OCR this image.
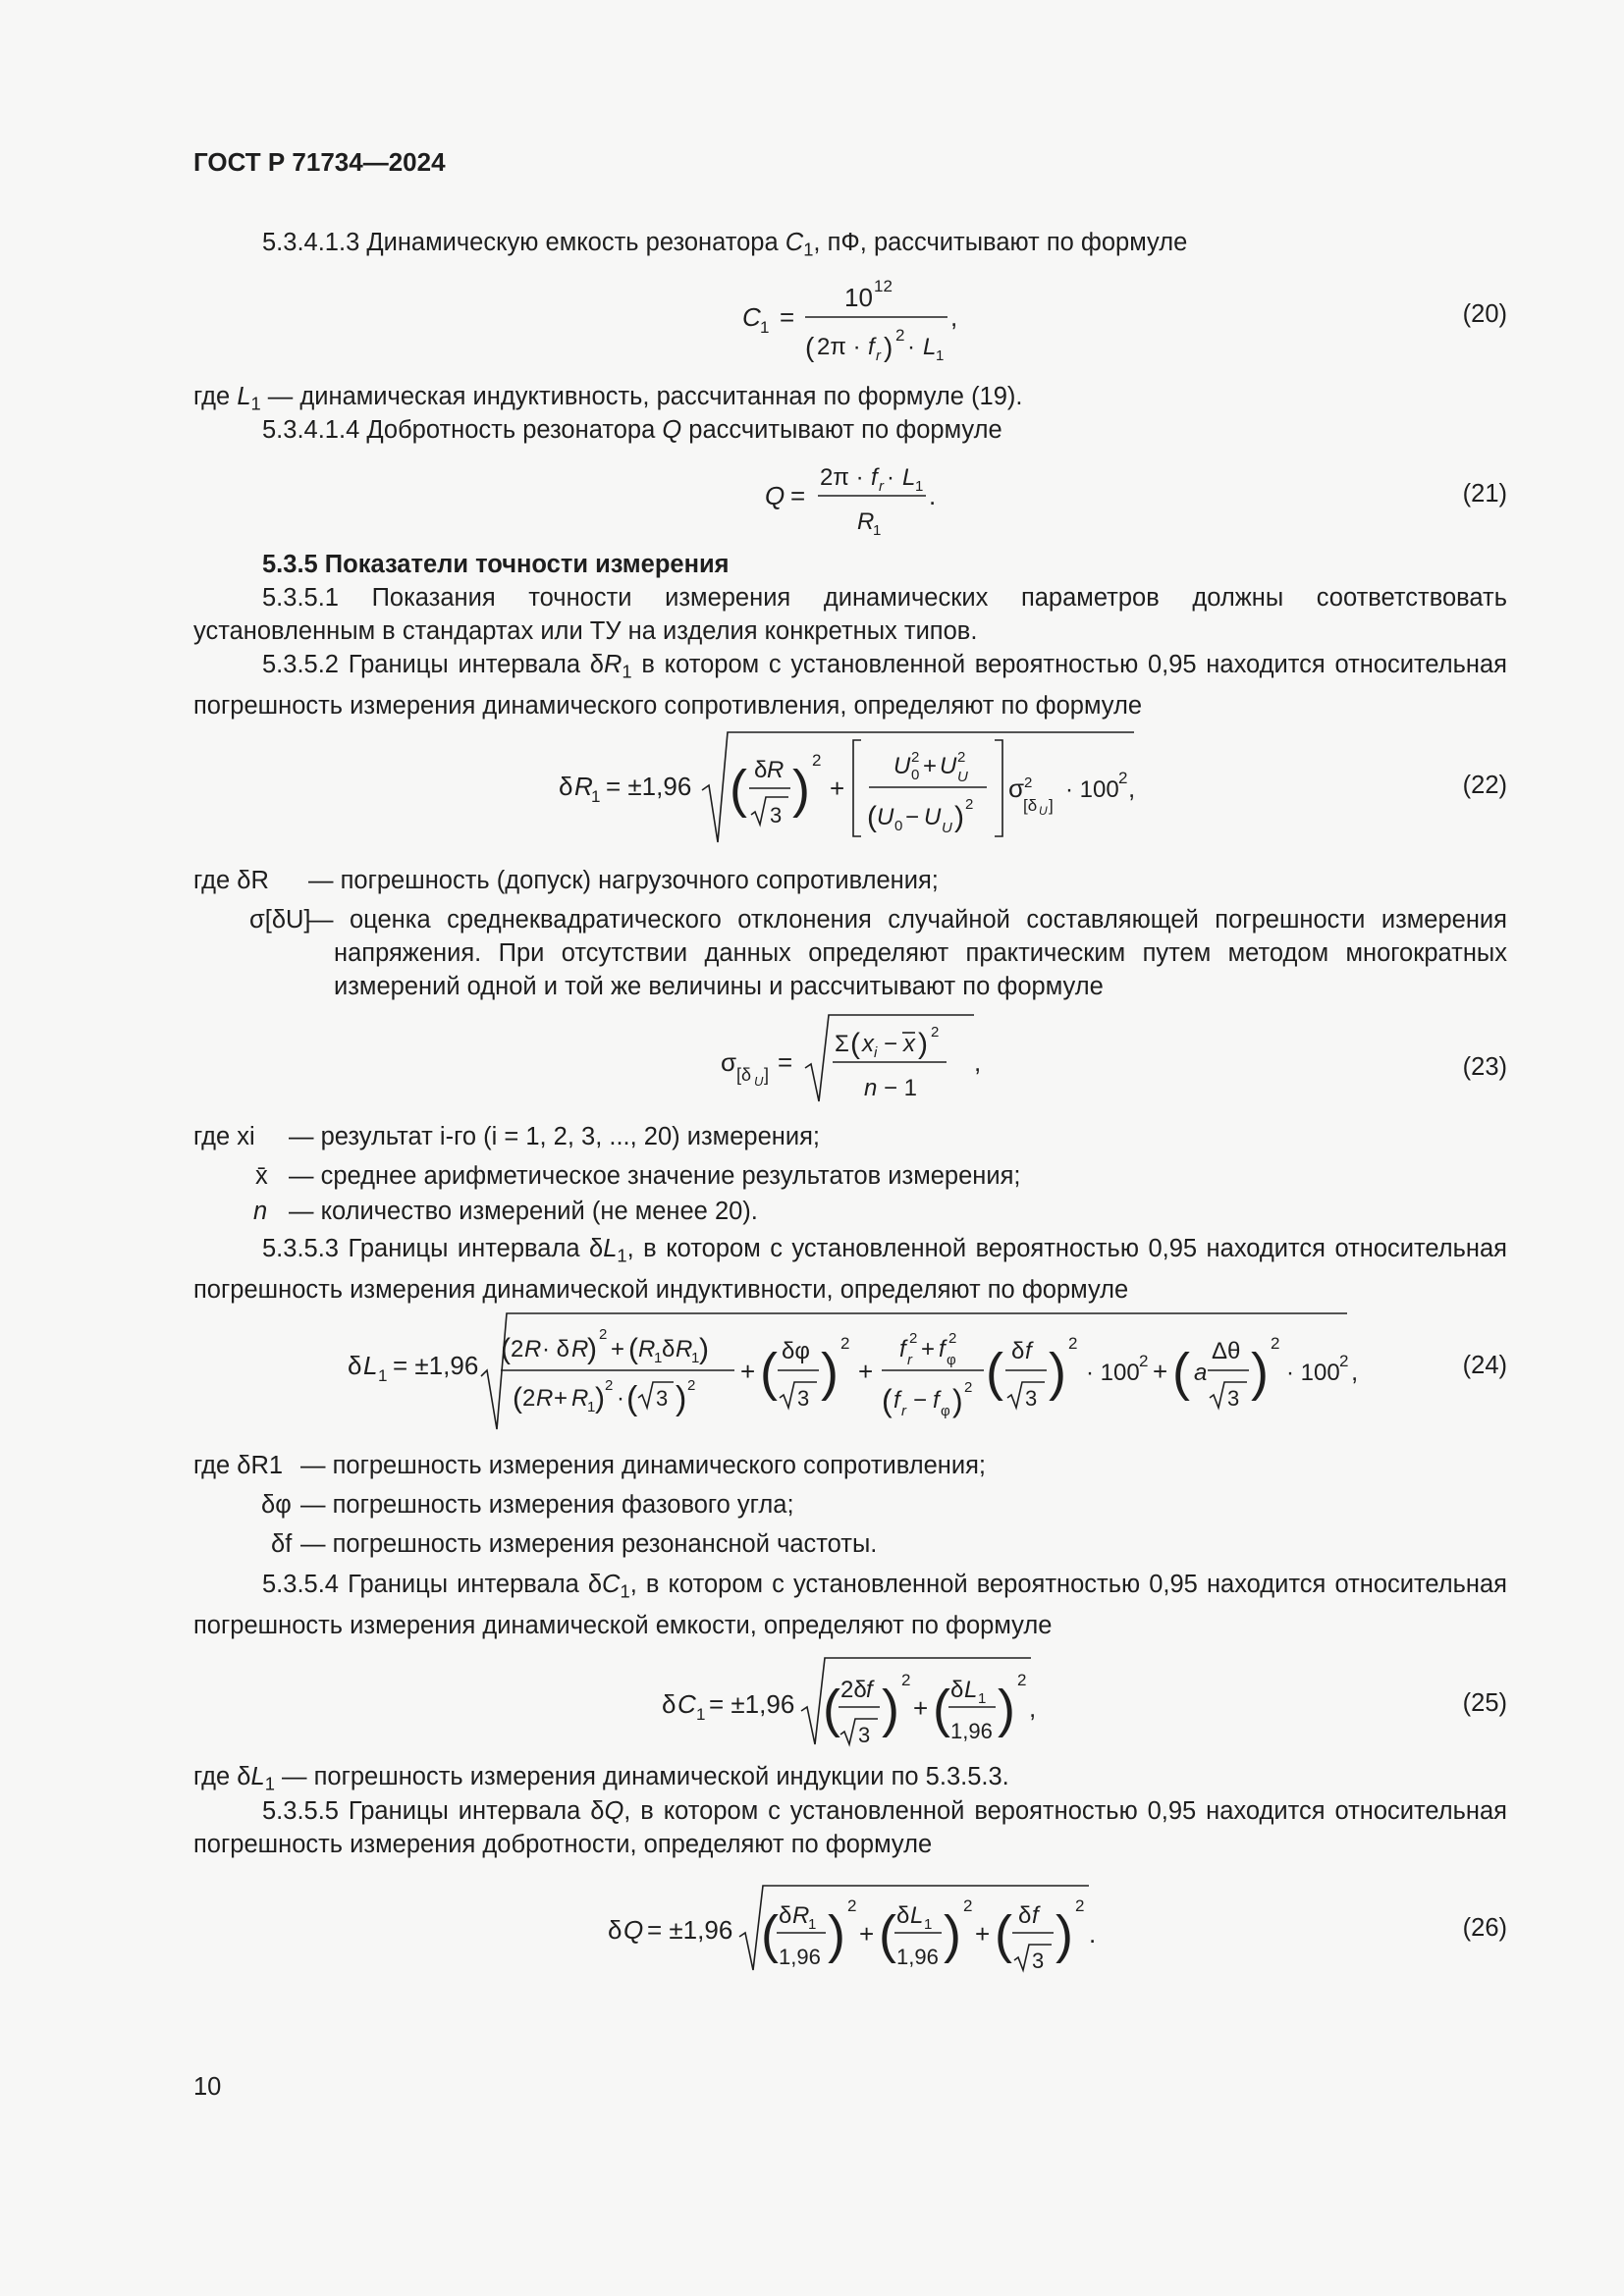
ГОСТ Р 71734—2024
5.3.4.1.3 Динамическую емкость резонатора $C_1$, пФ, рассчитывают по формуле
C 1 =
10 12
( 2π · f r ) 2 · L 1
,	(20)
где $L_1$ — динамическая индуктивность, рассчитанная по формуле (19).
5.3.4.1.4 Добротность резонатора Q рассчитывают по формуле
Q =
2π · f r · L 1
R
1
.	(21)
5.3.5 Показатели точности измерения
5.3.5.1 Показания точности измерения динамических параметров должны соответствовать установленным в стандартах или ТУ на изделия конкретных типов.
5.3.5.2 Границы интервала $\delta R_1$ в котором с установленной вероятностью 0,95 находится относительная погрешность измерения динамического сопротивления, определяют по формуле
δ R
1 = ±1,96 ( δ R
3 ) 2
+
U 0
2 + U U
2
( U 0 − U U ) 2
σ 2
[δ U ]
· 100 2 ,	(22)
где δR — погрешность (допуск) нагрузочного сопротивления;
σ[δU]
— оценка среднеквадратического отклонения случайной составляющей погрешности измерения напряжения. При отсутствии данных определяют практическим путем методом многократных измерений одной и той же величины и рассчитывают по формуле
σ [δ U ] =
Σ ( x i − x ) 2
n − 1
,	(23)
где xi — результат i-го (i = 1, 2, 3, ..., 20) измерения;
x̄ — среднее арифметическое значение результатов измерения;
n — количество измерений (не менее 20).
5.3.5.3 Границы интервала $\delta L_1$, в котором с установленной вероятностью 0,95 находится относительная погрешность измерения динамической индуктивности, определяют по формуле
δ L 1 = ±1,96 ( 2 R · δ R
) 2
+ ( R
1 δ R
1 )
( 2 R + R
1 ) 2 · ( 3 ) 2 + ( δφ
3 ) 2
+
f r
2 + f φ
2
( f r − f φ ) 2 ( δ f
3 ) 2
· 100 2 + ( a
Δθ
3 ) 2
· 100 2 ,	(24)
где δR1 — погрешность измерения динамического сопротивления;
δφ — погрешность измерения фазового угла;
δf — погрешность измерения резонансной частоты.
5.3.5.4 Границы интервала $\delta C_1$, в котором с установленной вероятностью 0,95 находится относительная погрешность измерения динамической емкости, определяют по формуле
δ C 1 = ±1,96 ( 2δ f
3 ) 2
+ ( δ L 1
1,96 ) 2
,	(25)
где $\delta L_1$ — погрешность измерения динамической индукции по 5.3.5.3.
5.3.5.5 Границы интервала δQ, в котором с установленной вероятностью 0,95 находится относительная погрешность измерения добротности, определяют по формуле
δ Q = ±1,96 ( δ R
1
1,96 ) 2
+ ( δ L 1
1,96 ) 2
+ ( δ f
3 ) 2
.	(26)
10
